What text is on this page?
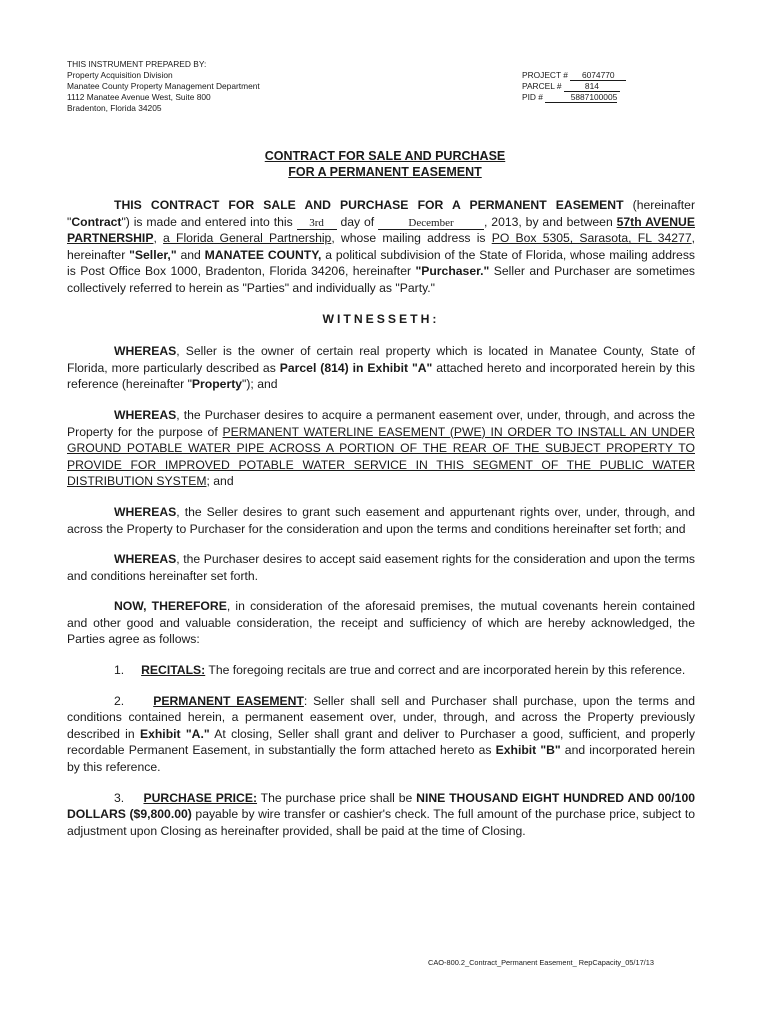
THIS INSTRUMENT PREPARED BY:
Property Acquisition Division
Manatee County Property Management Department
1112 Manatee Avenue West, Suite 800
Bradenton, Florida 34205
PROJECT # 6074770
PARCEL #	814
PID #	5887100005
CONTRACT FOR SALE AND PURCHASE
FOR A PERMANENT EASEMENT

THIS CONTRACT FOR SALE AND PURCHASE FOR A PERMANENT EASEMENT (hereinafter "Contract") is made and entered into this 3rd day of	December , 2013, by and between 57th AVENUE PARTNERSHIP, a Florida General Partnership, whose mailing address is PO Box 5305, Sarasota, FL 34277, hereinafter "Seller," and MANATEE COUNTY, a political subdivision of the State of Florida, whose mailing address is Post Office Box 1000, Bradenton, Florida 34206, hereinafter "Purchaser." Seller and Purchaser are sometimes collectively referred to herein as "Parties" and individually as "Party."

WITNESSETH:

WHEREAS, Seller is the owner of certain real property which is located in Manatee County, State of Florida, more particularly described as Parcel (814) in Exhibit "A" attached hereto and incorporated herein by this reference (hereinafter "Property"); and

WHEREAS, the Purchaser desires to acquire a permanent easement over, under, through, and across the Property for the purpose of PERMANENT WATERLINE EASEMENT (PWE) IN ORDER TO INSTALL AN UNDER GROUND POTABLE WATER PIPE ACROSS A PORTION OF THE REAR OF THE SUBJECT PROPERTY TO PROVIDE FOR IMPROVED POTABLE WATER SERVICE IN THIS SEGMENT OF THE PUBLIC WATER DISTRIBUTION SYSTEM; and

WHEREAS, the Seller desires to grant such easement and appurtenant rights over, under, through, and across the Property to Purchaser for the consideration and upon the terms and conditions hereinafter set forth; and

WHEREAS, the Purchaser desires to accept said easement rights for the consideration and upon the terms and conditions hereinafter set forth.

NOW, THEREFORE, in consideration of the aforesaid premises, the mutual covenants herein contained and other good and valuable consideration, the receipt and sufficiency of which are hereby acknowledged, the Parties agree as follows:

1. RECITALS: The foregoing recitals are true and correct and are incorporated herein by this reference.

2. PERMANENT EASEMENT: Seller shall sell and Purchaser shall purchase, upon the terms and conditions contained herein, a permanent easement over, under, through, and across the Property previously described in Exhibit "A." At closing, Seller shall grant and deliver to Purchaser a good, sufficient, and properly recordable Permanent Easement, in substantially the form attached hereto as Exhibit "B" and incorporated herein by this reference.

3. PURCHASE PRICE: The purchase price shall be NINE THOUSAND EIGHT HUNDRED AND 00/100 DOLLARS ($9,800.00) payable by wire transfer or cashier's check. The full amount of the purchase price, subject to adjustment upon Closing as hereinafter provided, shall be paid at the time of Closing.

CAO-800.2_Contract_Permanent Easement_ RepCapacity_05/17/13
